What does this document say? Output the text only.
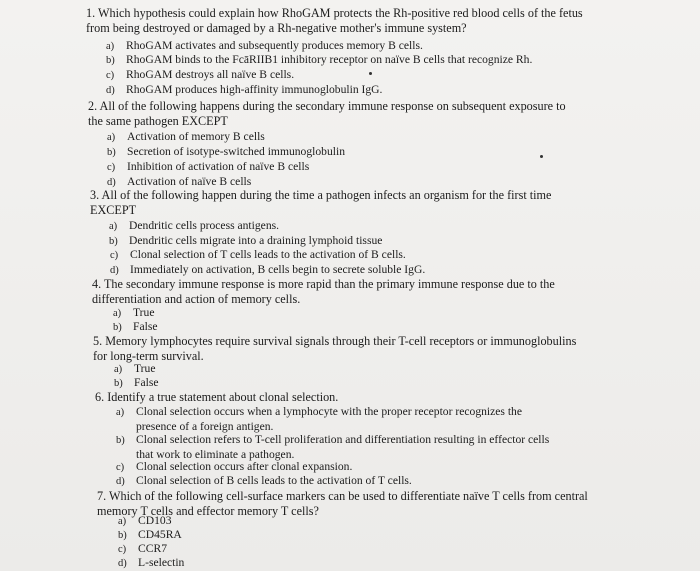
1. Which hypothesis could explain how RhoGAM protects the Rh-positive red blood cells of the fetus
from being destroyed or damaged by a Rh-negative mother's immune system?
a) RhoGAM activates and subsequently produces memory B cells.
b) RhoGAM binds to the FcāRIIB1 inhibitory receptor on naïve B cells that recognize Rh.
c) RhoGAM destroys all naïve B cells.
d) RhoGAM produces high-affinity immunoglobulin IgG.
2. All of the following happens during the secondary immune response on subsequent exposure to
the same pathogen EXCEPT
a) Activation of memory B cells
b) Secretion of isotype-switched immunoglobulin
c) Inhibition of activation of naïve B cells
d) Activation of naïve B cells
3. All of the following happen during the time a pathogen infects an organism for the first time
EXCEPT
a) Dendritic cells process antigens.
b) Dendritic cells migrate into a draining lymphoid tissue
c) Clonal selection of T cells leads to the activation of B cells.
d) Immediately on activation, B cells begin to secrete soluble IgG.
4. The secondary immune response is more rapid than the primary immune response due to the
differentiation and action of memory cells.
a) True
b) False
5. Memory lymphocytes require survival signals through their T-cell receptors or immunoglobulins
for long-term survival.
a) True
b) False
6. Identify a true statement about clonal selection.
a) Clonal selection occurs when a lymphocyte with the proper receptor recognizes the
presence of a foreign antigen.
b) Clonal selection refers to T-cell proliferation and differentiation resulting in effector cells
that work to eliminate a pathogen.
c) Clonal selection occurs after clonal expansion.
d) Clonal selection of B cells leads to the activation of T cells.
7. Which of the following cell-surface markers can be used to differentiate naïve T cells from central
memory T cells and effector memory T cells?
a) CD103
b) CD45RA
c) CCR7
d) L-selectin
